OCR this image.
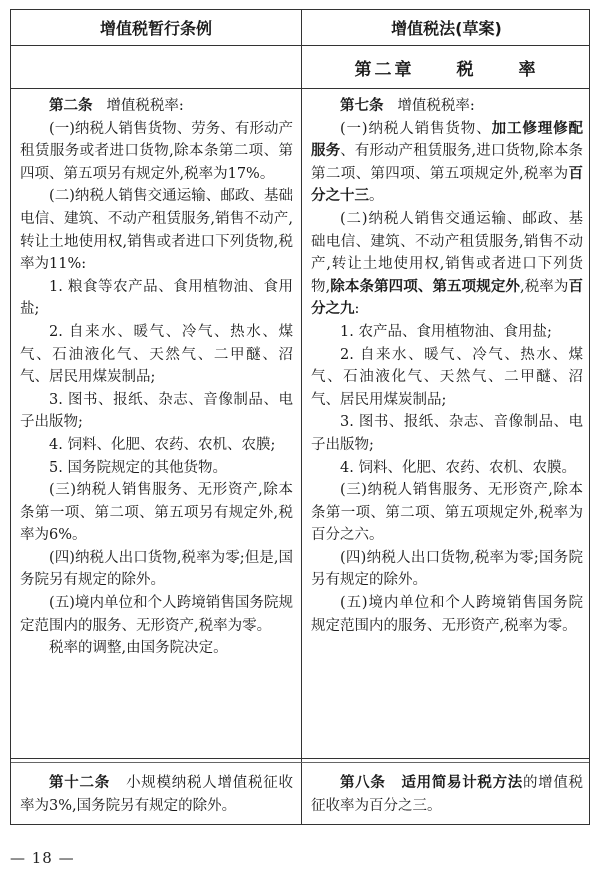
增值税暂行条例	增值税法(草案)
第二章 税 率

第二条 增值税税率:

(一)纳税人销售货物、劳务、有形动产租赁服务或者进口货物,除本条第二项、第四项、第五项另有规定外,税率为17%。

(二)纳税人销售交通运输、邮政、基础电信、建筑、不动产租赁服务,销售不动产,转让土地使用权,销售或者进口下列货物,税率为11%:

1. 粮食等农产品、食用植物油、食用盐;

2. 自来水、暖气、冷气、热水、煤气、石油液化气、天然气、二甲醚、沼气、居民用煤炭制品;

3. 图书、报纸、杂志、音像制品、电子出版物;

4. 饲料、化肥、农药、农机、农膜;

5. 国务院规定的其他货物。

(三)纳税人销售服务、无形资产,除本条第一项、第二项、第五项另有规定外,税率为6%。

(四)纳税人出口货物,税率为零;但是,国务院另有规定的除外。

(五)境内单位和个人跨境销售国务院规定范围内的服务、无形资产,税率为零。

税率的调整,由国务院决定。

第七条 增值税税率:

(一)纳税人销售货物、加工修理修配服务、有形动产租赁服务,进口货物,除本条第二项、第四项、第五项规定外,税率为百分之十三。

(二)纳税人销售交通运输、邮政、基础电信、建筑、不动产租赁服务,销售不动产,转让土地使用权,销售或者进口下列货物,除本条第四项、第五项规定外,税率为百分之九:

1. 农产品、食用植物油、食用盐;

2. 自来水、暖气、冷气、热水、煤气、石油液化气、天然气、二甲醚、沼气、居民用煤炭制品;

3. 图书、报纸、杂志、音像制品、电子出版物;

4. 饲料、化肥、农药、农机、农膜。

(三)纳税人销售服务、无形资产,除本条第一项、第二项、第五项规定外,税率为百分之六。

(四)纳税人出口货物,税率为零;国务院另有规定的除外。

(五)境内单位和个人跨境销售国务院规定范围内的服务、无形资产,税率为零。

第十二条 小规模纳税人增值税征收率为3%,国务院另有规定的除外。

第八条 适用简易计税方法的增值税征收率为百分之三。

— 18 —
